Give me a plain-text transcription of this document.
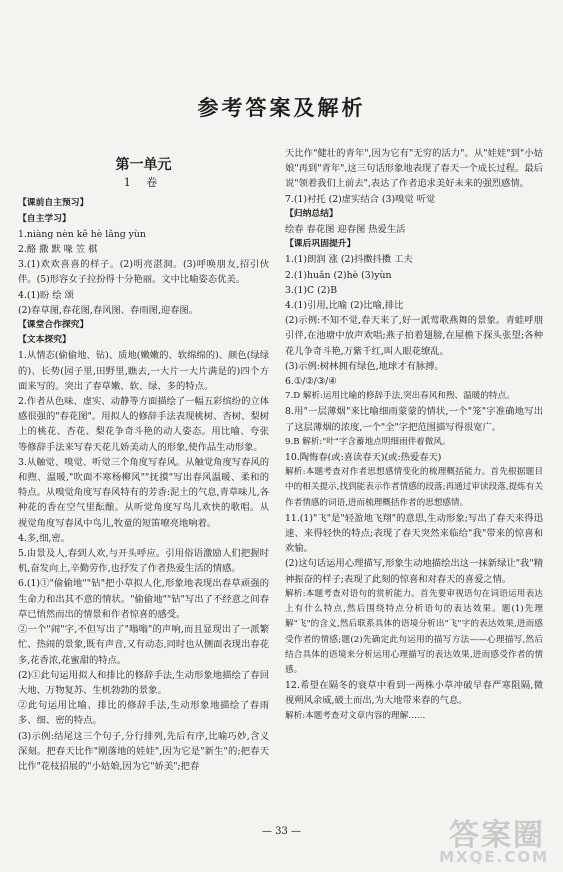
参考答案及解析
第一单元
1 卷

【课前自主预习】

【自主学习】

1.niàng nèn kě hè lǎng yùn

2.酪 撒 默 喙 笠 棋

3.(1)欢欢喜喜的样子。(2)明亮湛洞。(3)呼唤朋友,招引伙伴。(5)形容女子拉扮得十分艳丽。文中比喻姿态优美。

4.(1)盼 绘 颂

(2)春草图,春花图,春风图、春雨图,迎春图。

【课堂合作探究】

【文本探究】

1.从情态(偷偷地、钻)、质地(嫩嫩的、软绵绵的)、颜色(绿绿的)、长势(园子里,田野里,瞧去,一大片一大片满是的)四个方面来写的。突出了春草嫩、软、绿、多的特点。

2.作者从色味、虚实、动静等方面描绘了一幅五彩缤纷的立体感很强的"春花图"。用拟人的修辞手法表现桃树、杏树、梨树上的桃花、杏花、梨花争奇斗艳的动人姿态。用比喻、夸张等修辞手法来写春天花儿娇美动人的形象,使作品生动形象。

3.从触觉、嗅觉、听觉三个角度写春风。从触觉角度写春风的和煦、温暖,"吹面不寒杨柳风""抚摸"写出春风温暖、柔和的特点。从嗅觉角度写春风特有的芳香:泥土的气息,青草味儿,各种花的香在空气里酝酿。从听觉角度写鸟儿欢快的歌唱。从视觉角度写春风中鸟儿,牧童的短笛嘹亮地响着。

4.多,细,密。

5.由景及人,春到人欢,与开头呼应。引用俗语激励人们把握时机,奋发向上,辛勤劳作,也抒发了作者热爱生活的情感。

6.(1)①"偷偷地""钻"把小草拟人化,形象地表现出春草顽强的生命力和出其不意的情状。"偷偷地""钻"写出了不经意之间春草已悄然而出的情景和作者惊喜的感受。

②一个"闹"字,不但写出了"嗡嗡"的声响,而且显现出了一派繁忙、热闹的景象,既有声音,又有动态,同时也从侧面表现出春花多,花香浓,花蜜甜的特点。

(2)①此句运用拟人和排比的修辞手法,生动形象地描绘了春回大地、万物复苏、生机勃勃的景象。

②此句运用比喻、排比的修辞手法,生动形象地描绘了春雨多、细、密的特点。

(3)示例:结尾这三个句子,分行排列,先后有序,比喻巧妙,含义深刻。把春天比作"刚落地的娃娃",因为它是"新生"的;把春天比作"花枝招展的"小姑娘,因为它"娇美";把春

天比作"健壮的青年",因为它有"无穷的活力"。从"娃娃"到"小姑娘"再到"青年",这三句话形象地表现了春天一个成长过程。最后说"领着我们上前去",表达了作者追求美好未来的强烈感情。

7.(1)衬托 (2)虚实结合 (3)嗅觉 听觉

【归纳总结】

绘春 春花图 迎春图 热爱生活

【课后巩固提升】

1.(1)朗润 涨 (2)抖擞抖擞 工夫

2.(1)huǎn (2)hè (3)yùn

3.(1)C (2)B

4.(1)引用,比喻 (2)比喻,排比

(2)示例:不知不觉,春天来了,好一派莺歌燕舞的景象。青蛙呼朋引伴,在池塘中放声欢唱;燕子拍着翅膀,在屋檐下探头张望;各种花儿争奇斗艳,万紫千红,叫人眼花缭乱。

(3)示例:树林拥有绿色,地球才有脉搏。

6.①/②/③/④

7.D 解析:运用比喻的修辞手法,突出春风和煦、温暖的特点。

8.用"一层薄烟"来比喻细雨蒙蒙的情状,一个"笼"字准确地写出了这层薄烟的浓度,一个"全"字把范围描写得很宽广。

9.B 解析:"叶"字含蓄地点明细雨伴着微风。

10.陶悔春(或:喜读春天)(或:热爱春天)

解析:本题考查对作者思想感情变化的梳理概括能力。首先根据题目中的相关提示,找到能表示作者情感的段落;再通过审读段落,提炼有关作者情感的词语,进而梳理概括作者的思想感情。

11.(1)"飞"是"轻盈地飞翔"的意思,生动形象;写出了春天来得迅速、来得轻快的特点;表现了春天突然来临给"我"带来的惊喜和欢愉。

(2)这句话运用心理描写,形象生动地描绘出这一抹新绿让"我"精神振奋的样子;表现了此刻的惊喜和对春天的喜爱之情。

解析:本题考查对语句的赏析能力。首先要审视语句在词语运用表达上有什么特点,然后围绕特点分析语句的表达效果。题(1)先理解"飞"的含义,然后联系具体的语境分析出"飞"字的表达效果,进而感受作者的情感;题(2)先确定此句运用的描写方法——心理描写,然后结合具体的语境来分析运用心理描写的表达效果,进而感受作者的情感。

12.希望在隔冬的衰草中看到一两株小草冲破早春严寒阻隔,微视朔风余威,破土而出,为大地带来春的气息。

解析:本题考查对文章内容的理解……

— 33 —	答案圈
MXQE.COM
